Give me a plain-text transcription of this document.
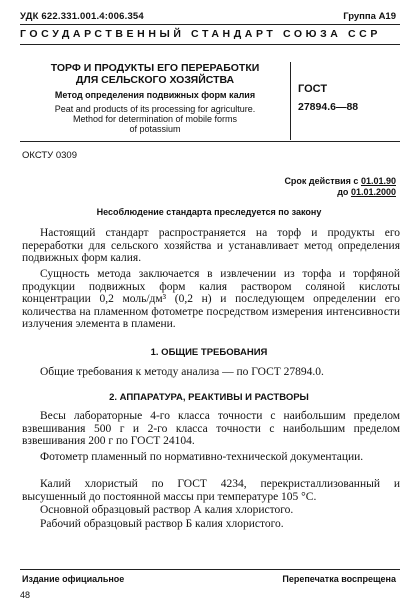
УДК 622.331.001.4:006.354	Группа А19
ГОСУДАРСТВЕННЫЙ СТАНДАРТ СОЮЗА ССР
ТОРФ И ПРОДУКТЫ ЕГО ПЕРЕРАБОТКИ
ДЛЯ СЕЛЬСКОГО ХОЗЯЙСТВА
Метод определения подвижных форм калия
Peat and products of its processing for agriculture.
Method for determination of mobile forms
of potassium
ГОСТ
27894.6—88
ОКСТУ 0309
Срок действия с 01.01.90
до 01.01.2000
Несоблюдение стандарта преследуется по закону
Настоящий стандарт распространяется на торф и продукты его переработки для сельского хозяйства и устанавливает метод определения подвижных форм калия.
Сущность метода заключается в извлечении из торфа и торфяной продукции подвижных форм калия раствором соляной кислоты концентрации 0,2 моль/дм³ (0,2 н) и последующем определении его количества на пламенном фотометре посредством измерения интенсивности излучения элемента в пламени.
1. ОБЩИЕ ТРЕБОВАНИЯ
Общие требования к методу анализа — по ГОСТ 27894.0.
2. АППАРАТУРА, РЕАКТИВЫ И РАСТВОРЫ
Весы лабораторные 4-го класса точности с наибольшим пределом взвешивания 500 г и 2-го класса точности с наибольшим пределом взвешивания 200 г по ГОСТ 24104.
Фотометр пламенный по нормативно-технической документации.
Калий хлористый по ГОСТ 4234, перекристаллизованный и высушенный до постоянной массы при температуре 105 °С.
Основной образцовый раствор А калия хлористого.
Рабочий образцовый раствор Б калия хлористого.
Издание официальное	Перепечатка воспрещена
48
